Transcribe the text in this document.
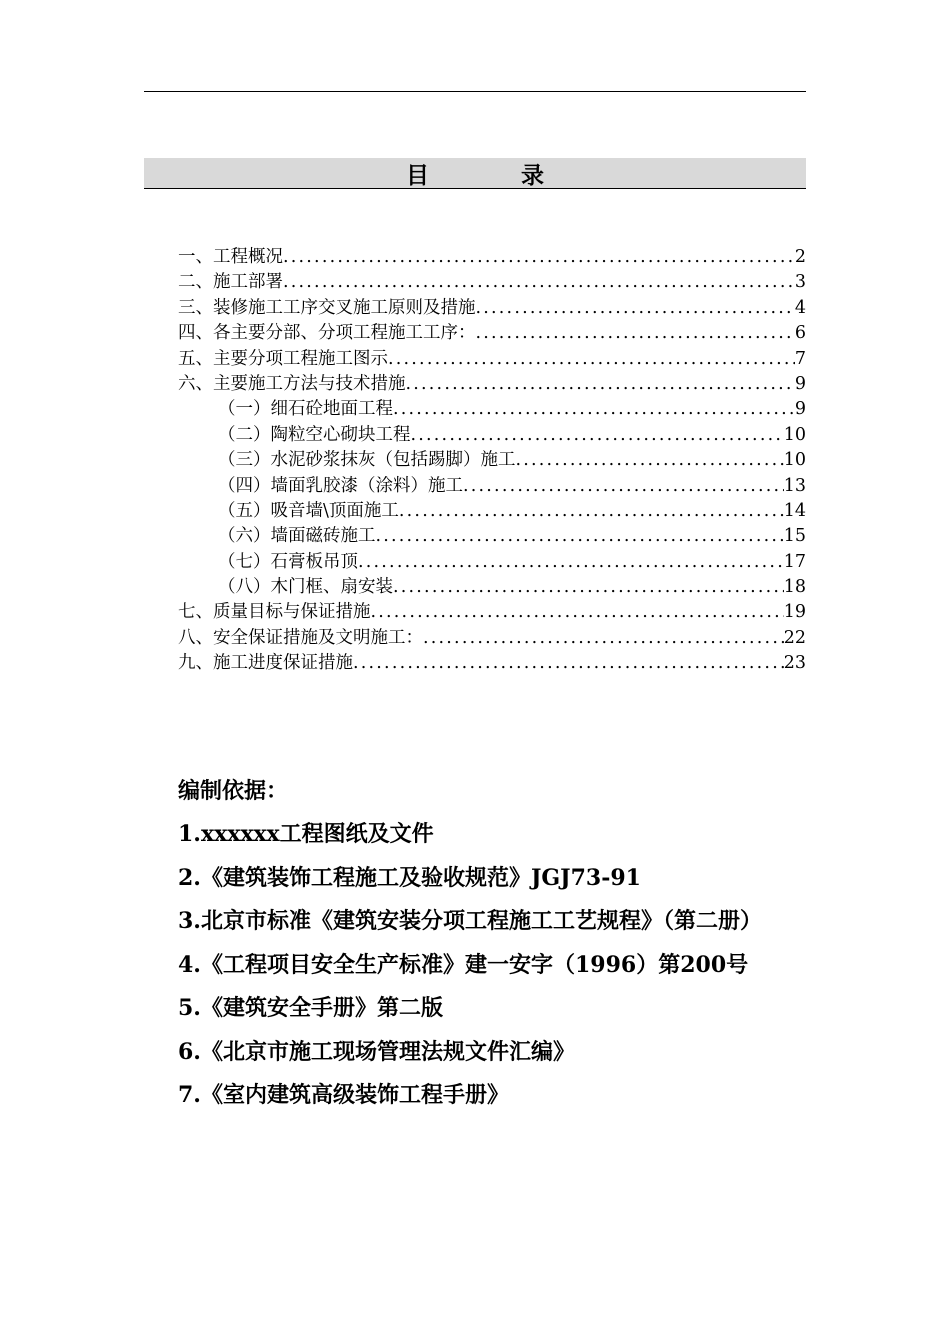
目	录
一、工程概况 .....	2
二、施工部署 .....	3
三、装修施工工序交叉施工原则及措施 .....	4
四、各主要分部、分项工程施工工序： .....	6
五、主要分项工程施工图示 .....	7
六、主要施工方法与技术措施 .....	9
（一）细石砼地面工程 .....	9
（二）陶粒空心砌块工程 .....	10
（三）水泥砂浆抹灰（包括踢脚）施工 .....	10
（四）墙面乳胶漆（涂料）施工 .....	13
（五）吸音墙\顶面施工 .....	14
（六）墙面磁砖施工 .....	15
（七）石膏板吊顶 .....	17
（八）木门框、扇安装 .....	18
七、质量目标与保证措施 .....	19
八、安全保证措施及文明施工： .....	22
九、施工进度保证措施 .....	23
编制依据：
1.xxxxxx工程图纸及文件
2.《建筑装饰工程施工及验收规范》JGJ73-91
3.北京市标准《建筑安装分项工程施工工艺规程》（第二册）
4.《工程项目安全生产标准》建一安字（1996）第200号
5.《建筑安全手册》第二版
6.《北京市施工现场管理法规文件汇编》
7.《室内建筑高级装饰工程手册》
